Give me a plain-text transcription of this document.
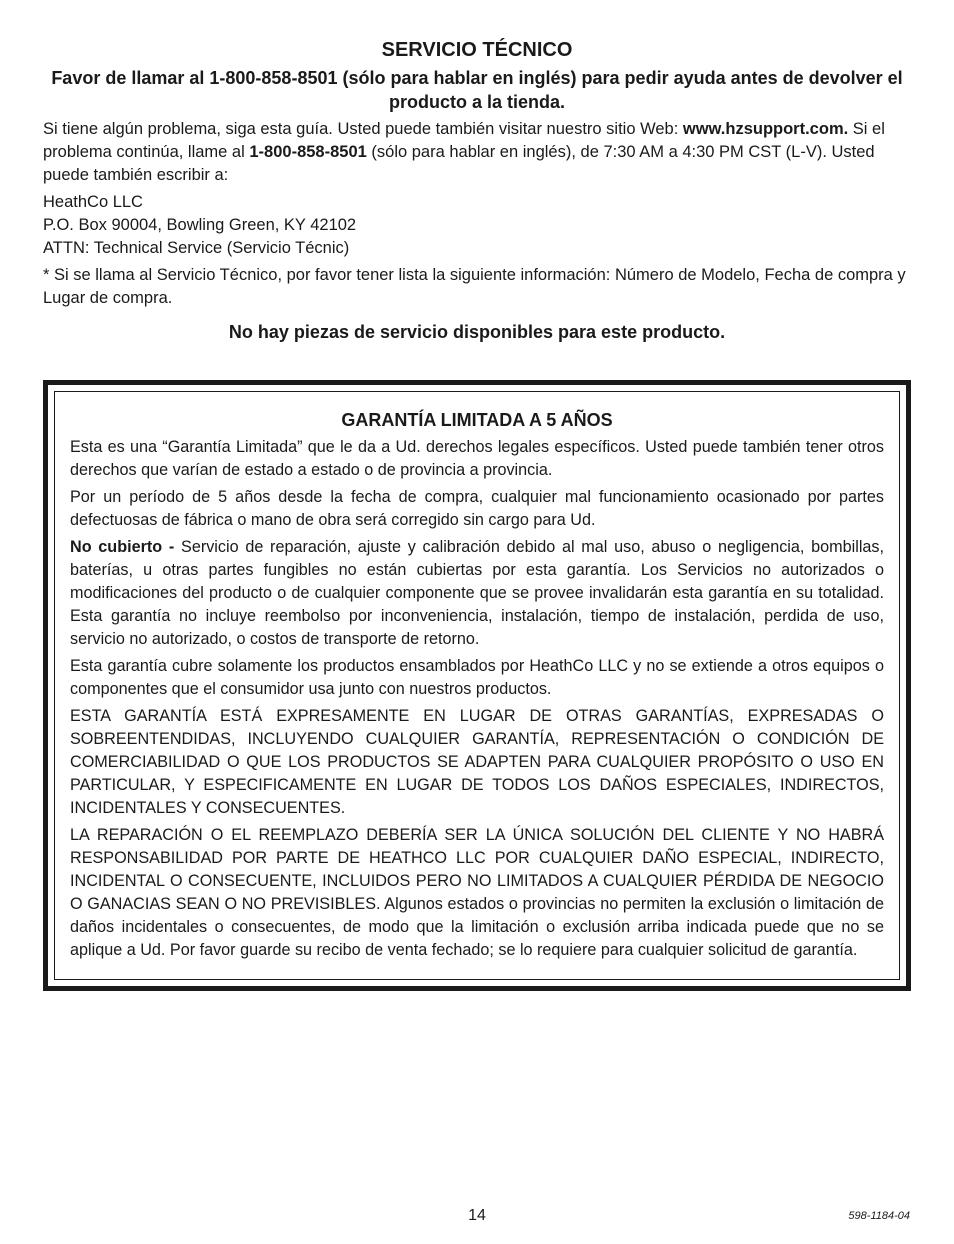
SERVICIO TÉCNICO
Favor de llamar al 1-800-858-8501 (sólo para hablar en inglés) para pedir ayuda antes de devolver el producto a la tienda.
Si tiene algún problema, siga esta guía. Usted puede también visitar nuestro sitio Web: www.hzsupport.com. Si el problema continúa, llame al 1-800-858-8501 (sólo para hablar en inglés), de 7:30 AM a 4:30 PM CST (L-V). Usted puede también escribir a:
HeathCo LLC
P.O. Box 90004, Bowling Green, KY 42102
ATTN: Technical Service (Servicio Técnic)
* Si se llama al Servicio Técnico, por favor tener lista la siguiente información: Número de Modelo, Fecha de compra y Lugar de compra.
No hay piezas de servicio disponibles para este producto.
GARANTÍA LIMITADA A 5 AÑOS
Esta es una “Garantía Limitada” que le da a Ud. derechos legales específicos. Usted puede también tener otros derechos que varían de estado a estado o de provincia a provincia.
Por un período de 5 años desde la fecha de compra, cualquier mal funcionamiento ocasionado por partes defectuosas de fábrica o mano de obra será corregido sin cargo para Ud.
No cubierto - Servicio de reparación, ajuste y calibración debido al mal uso, abuso o negligencia, bombillas, baterías, u otras partes fungibles no están cubiertas por esta garantía. Los Servicios no autorizados o modificaciones del producto o de cualquier componente que se provee invalidarán esta garantía en su totalidad. Esta garantía no incluye reembolso por inconveniencia, instalación, tiempo de instalación, perdida de uso, servicio no autorizado, o costos de transporte de retorno.
Esta garantía cubre solamente los productos ensamblados por HeathCo LLC y no se extiende a otros equipos o componentes que el consumidor usa junto con nuestros productos.
ESTA GARANTÍA ESTÁ EXPRESAMENTE EN LUGAR DE OTRAS GARANTÍAS, EXPRESADAS O SOBREENTENDIDAS, INCLUYENDO CUALQUIER GARANTÍA, REPRESENTACIÓN O CONDICIÓN DE COMERCIABILIDAD O QUE LOS PRODUCTOS SE ADAPTEN PARA CUALQUIER PROPÓSITO O USO EN PARTICULAR, Y ESPECIFICAMENTE EN LUGAR DE TODOS LOS DAÑOS ESPECIALES, INDIRECTOS, INCIDENTALES Y CONSECUENTES.
LA REPARACIÓN O EL REEMPLAZO DEBERÍA SER LA ÚNICA SOLUCIÓN DEL CLIENTE Y NO HABRÁ RESPONSABILIDAD POR PARTE DE HEATHCO LLC POR CUALQUIER DAÑO ESPECIAL, INDIRECTO, INCIDENTAL O CONSECUENTE, INCLUIDOS PERO NO LIMITADOS A CUALQUIER PÉRDIDA DE NEGOCIO O GANACIAS SEAN O NO PREVISIBLES. Algunos estados o provincias no permiten la exclusión o limitación de daños incidentales o consecuentes, de modo que la limitación o exclusión arriba indicada puede que no se aplique a Ud. Por favor guarde su recibo de venta fechado; se lo requiere para cualquier solicitud de garantía.
14	598-1184-04
